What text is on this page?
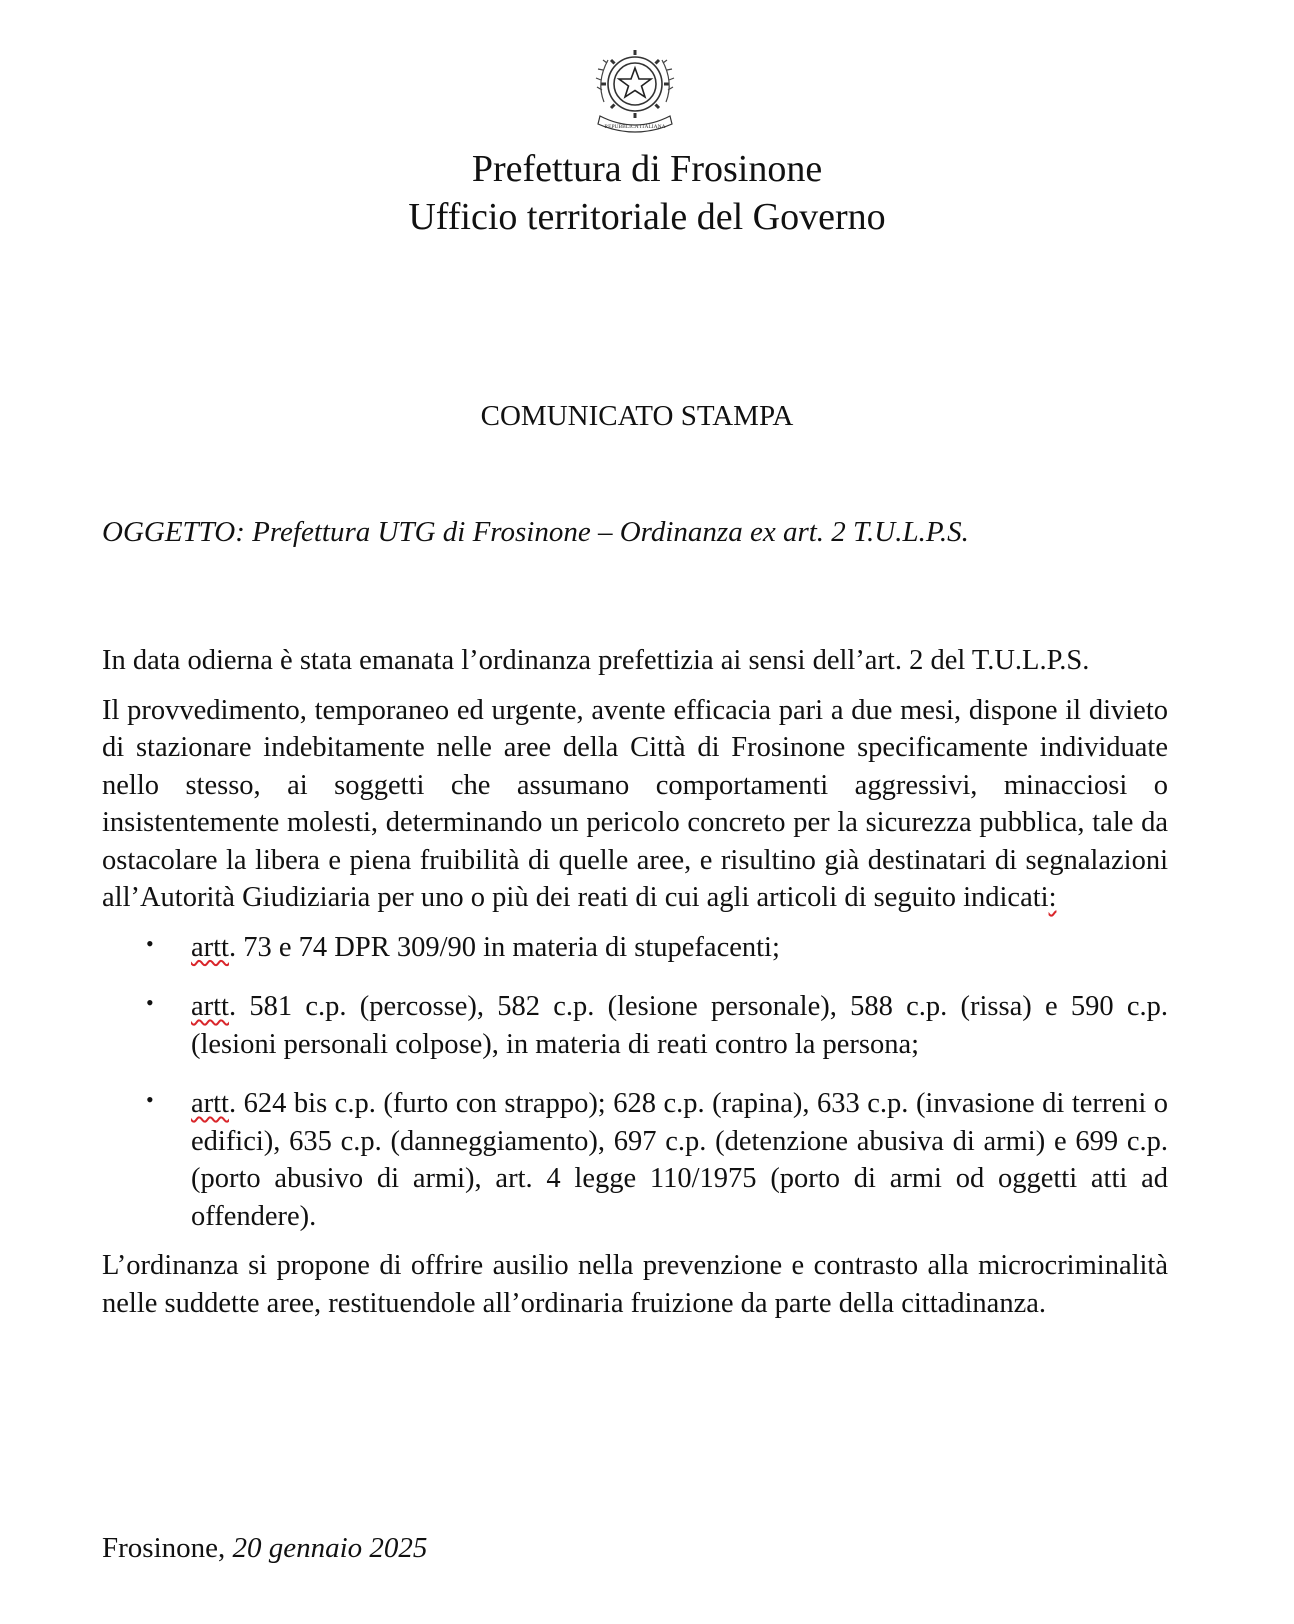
REPUBBLICA ITALIANA
Prefettura di Frosinone
Ufficio territoriale del Governo
COMUNICATO STAMPA
OGGETTO: Prefettura UTG di Frosinone – Ordinanza ex art. 2 T.U.L.P.S.

In data odierna è stata emanata l’ordinanza prefettizia ai sensi dell’art. 2 del T.U.L.P.S.

Il provvedimento, temporaneo ed urgente, avente efficacia pari a due mesi, dispone il divieto di stazionare indebitamente nelle aree della Città di Frosinone specificamente individuate nello stesso, ai soggetti che assumano comportamenti aggressivi, minacciosi o insistentemente molesti, determinando un pericolo concreto per la sicurezza pubblica, tale da ostacolare la libera e piena fruibilità di quelle aree, e risultino già destinatari di segnalazioni all’Autorità Giudiziaria per uno o più dei reati di cui agli articoli di seguito indicati:

• artt. 73 e 74 DPR 309/90 in materia di stupefacenti;
• artt. 581 c.p. (percosse), 582 c.p. (lesione personale), 588 c.p. (rissa) e 590 c.p. (lesioni personali colpose), in materia di reati contro la persona;
• artt. 624 bis c.p. (furto con strappo); 628 c.p. (rapina), 633 c.p. (invasione di terreni o edifici), 635 c.p. (danneggiamento), 697 c.p. (detenzione abusiva di armi) e 699 c.p. (porto abusivo di armi), art. 4 legge 110/1975 (porto di armi od oggetti atti ad offendere).

L’ordinanza si propone di offrire ausilio nella prevenzione e contrasto alla microcriminalità nelle suddette aree, restituendole all’ordinaria fruizione da parte della cittadinanza.

Frosinone, 20 gennaio 2025
